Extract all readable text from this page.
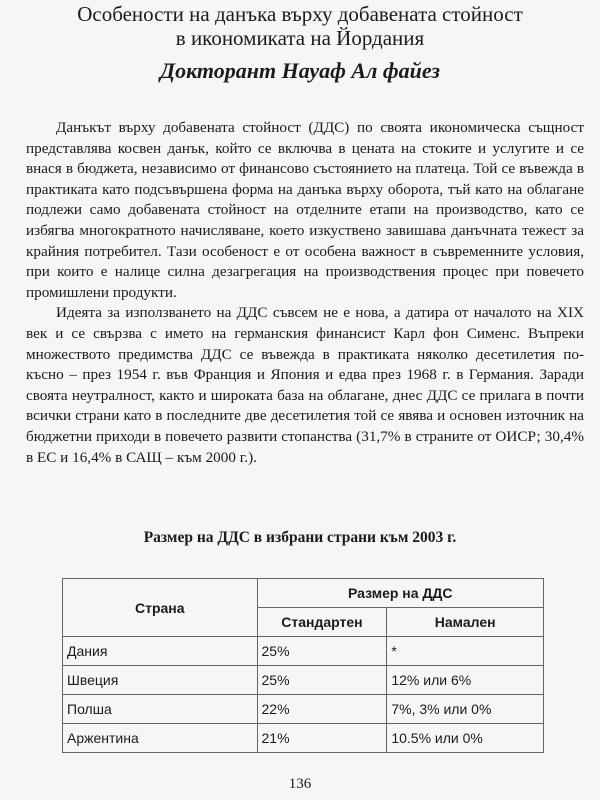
Особености на данъка върху добавената стойност
в икономиката на Йордания
Докторант Науаф Ал файез

Данъкът върху добавената стойност (ДДС) по своята икономическа същност представлява косвен данък, който се включва в цената на стоките и услугите и се внася в бюджета, независимо от финансово състоянието на платеца. Той се въвежда в практиката като подсъвършена форма на данъка върху оборота, тъй като на облагане подлежи само добавената стойност на отделните етапи на производство, като се избягва многократното начисляване, което изкуствено завишава данъчната тежест за крайния потребител. Тази особеност е от особена важност в съвременните условия, при които е налице силна дезагрегация на производствения процес при повечето промишлени продукти.

Идеята за използването на ДДС съвсем не е нова, а датира от началото на XIX век и се свързва с името на германския финансист Карл фон Сименс. Въпреки множеството предимства ДДС се въвежда в практиката няколко десетилетия по-късно – през 1954 г. във Франция и Япония и едва през 1968 г. в Германия. Заради своята неутралност, както и широката база на облагане, днес ДДС се прилага в почти всички страни като в последните две десетилетия той се явява и основен източник на бюджетни приходи в повечето развити стопанства (31,7% в страните от ОИСР; 30,4% в ЕС и 16,4% в САЩ – към 2000 г.).

Размер на ДДС в избрани страни към 2003 г.
Страна	Размер на ДДС	
	Стандартен	Намален
Дания	25%	*
Швеция	25%	12% или 6%
Полша	22%	7%, 3% или 0%
Аржентина	21%	10.5% или 0%
136
